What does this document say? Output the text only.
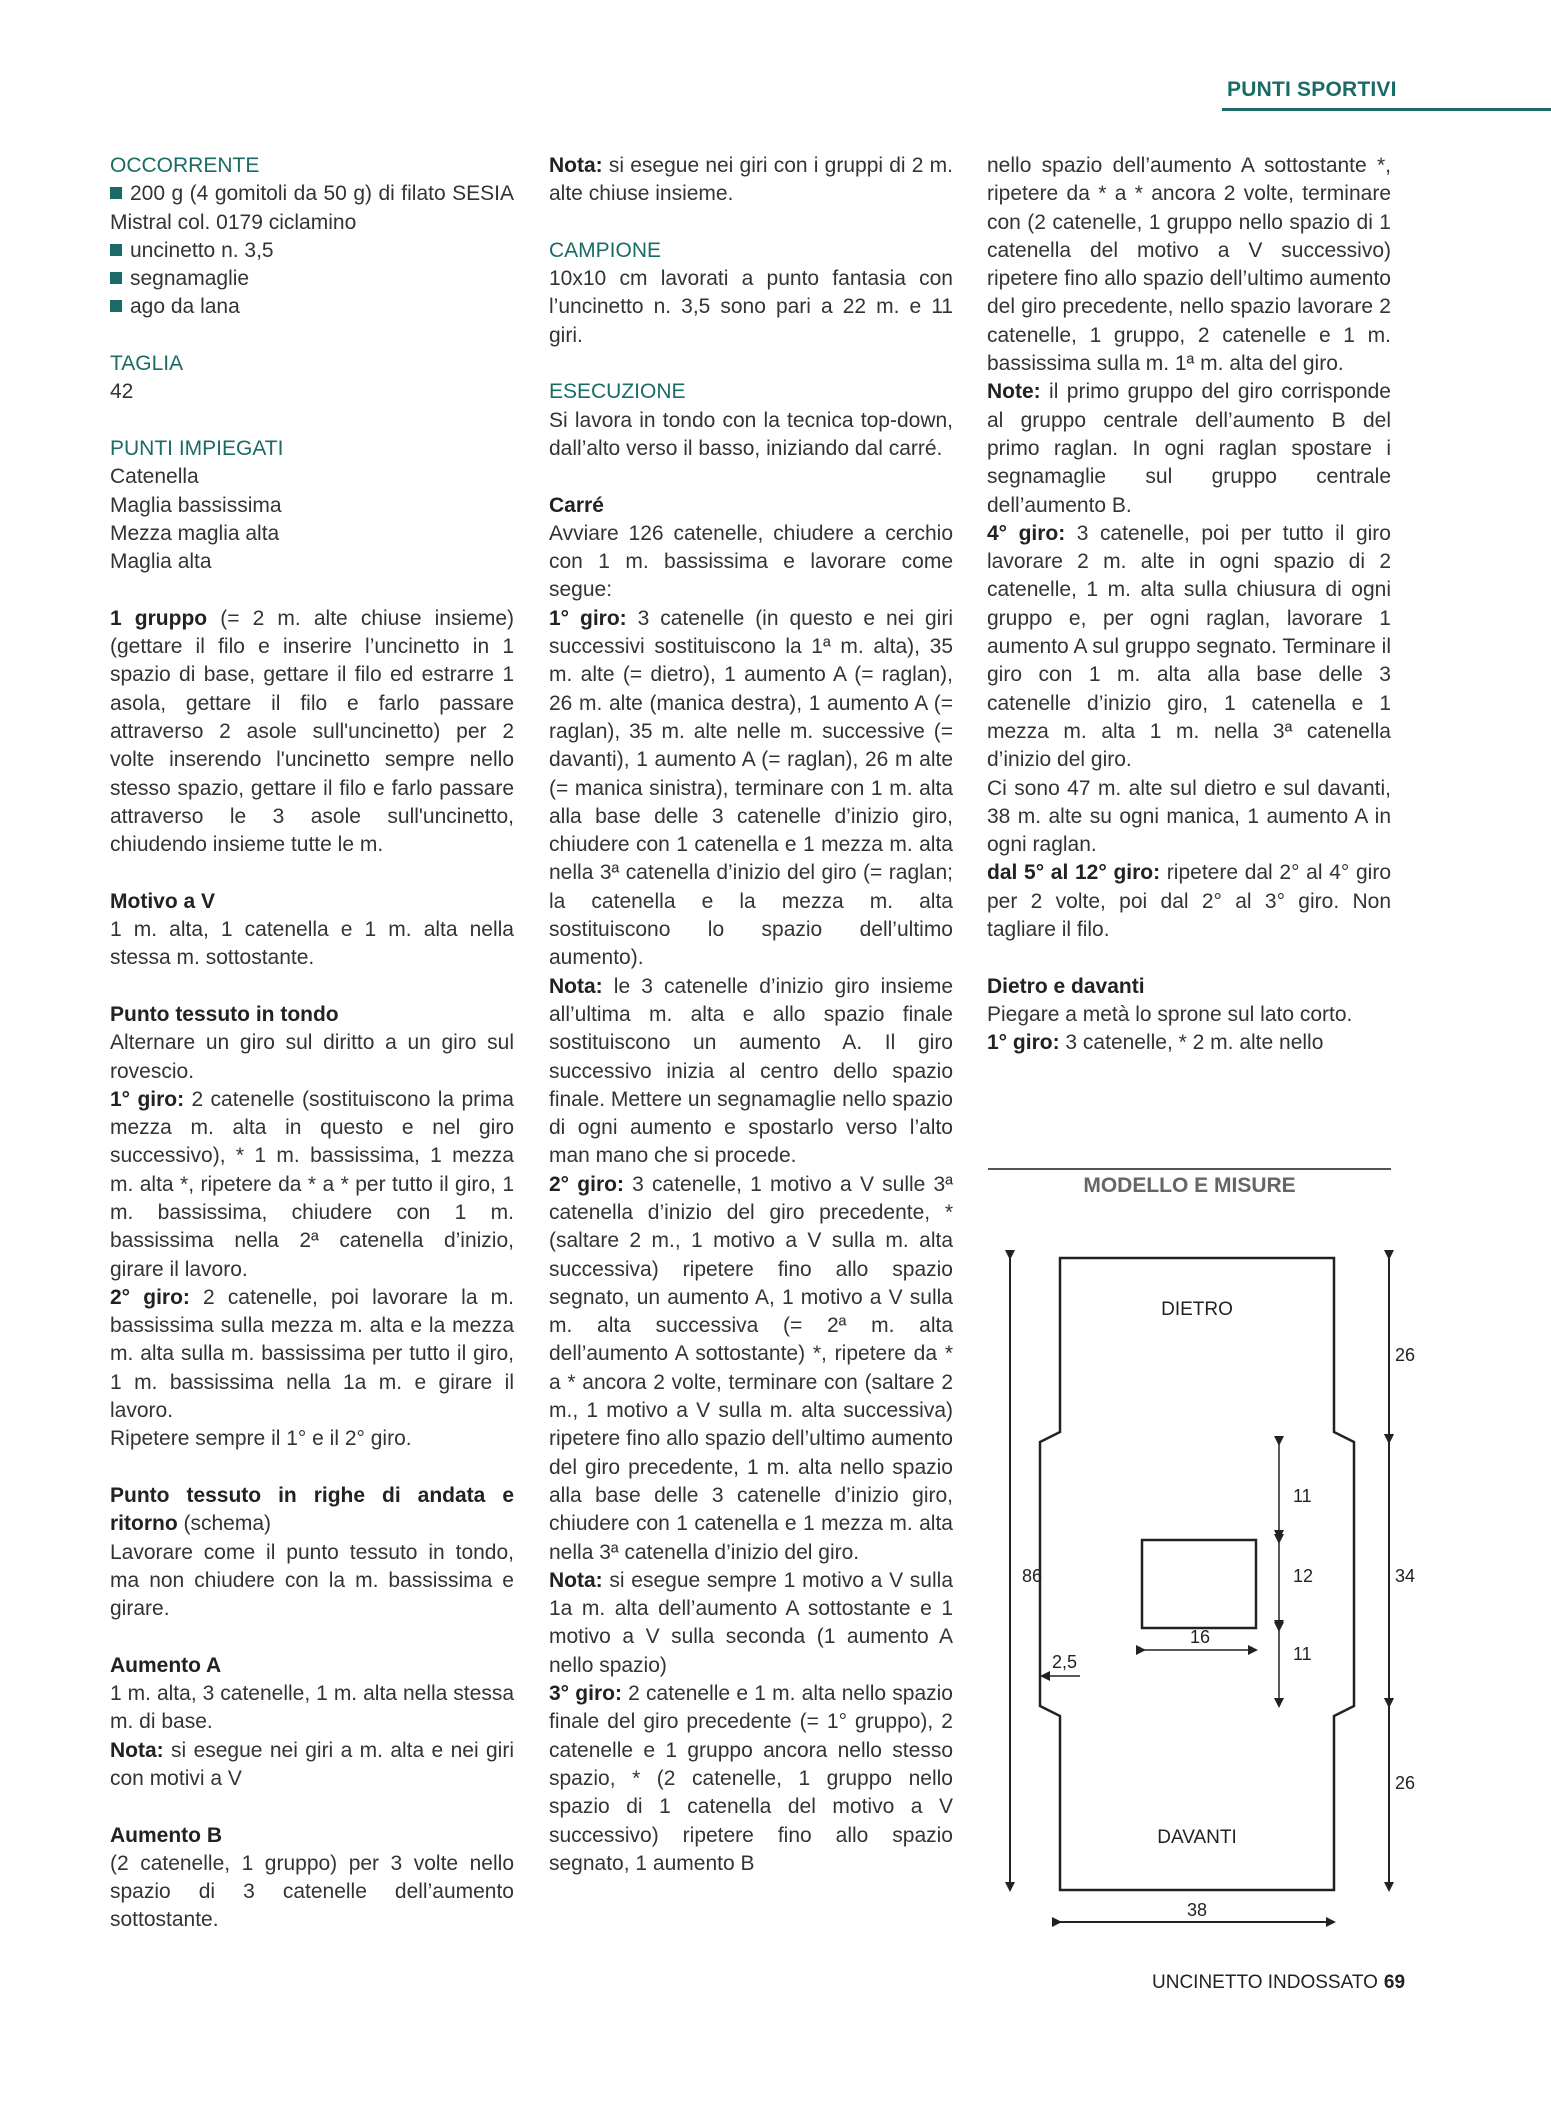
PUNTI SPORTIVI

OCCORRENTE

200 g (4 gomitoli da 50 g) di filato SESIA Mistral col. 0179 ciclamino

uncinetto n. 3,5

segnamaglie

ago da lana

TAGLIA

42

PUNTI IMPIEGATI

Catenella

Maglia bassissima

Mezza maglia alta

Maglia alta

1 gruppo (= 2 m. alte chiuse insieme) (gettare il filo e inserire l’uncinetto in 1 spazio di base, gettare il filo ed estrarre 1 asola, gettare il filo e farlo passare attraverso 2 asole sull'uncinetto) per 2 volte inserendo l'uncinetto sempre nello stesso spazio, gettare il filo e farlo passare attraverso le 3 asole sull'uncinetto, chiudendo insieme tutte le m.

Motivo a V

1 m. alta, 1 catenella e 1 m. alta nella stessa m. sottostante.

Punto tessuto in tondo

Alternare un giro sul diritto a un giro sul rovescio.

1° giro: 2 catenelle (sostituiscono la prima mezza m. alta in questo e nel giro successivo), * 1 m. bassissima, 1 mezza m. alta *, ripetere da * a * per tutto il giro, 1 m. bassissima, chiudere con 1 m. bassissima nella 2ª catenella d’inizio, girare il lavoro.

2° giro: 2 catenelle, poi lavorare la m. bassissima sulla mezza m. alta e la mezza m. alta sulla m. bassissima per tutto il giro, 1 m. bassissima nella 1a m. e girare il lavoro.

Ripetere sempre il 1° e il 2° giro.

Punto tessuto in righe di andata e ritorno (schema)

Lavorare come il punto tessuto in tondo, ma non chiudere con la m. bassissima e girare.

Aumento A

1 m. alta, 3 catenelle, 1 m. alta nella stessa m. di base.

Nota: si esegue nei giri a m. alta e nei giri con motivi a V

Aumento B

(2 catenelle, 1 gruppo) per 3 volte nello spazio di 3 catenelle dell’aumento sottostante.

Nota: si esegue nei giri con i gruppi di 2 m. alte chiuse insieme.

CAMPIONE

10x10 cm lavorati a punto fantasia con l’uncinetto n. 3,5 sono pari a 22 m. e 11 giri.

ESECUZIONE

Si lavora in tondo con la tecnica top-down, dall’alto verso il basso, iniziando dal carré.

Carré

Avviare 126 catenelle, chiudere a cerchio con 1 m. bassissima e lavorare come segue:

1° giro: 3 catenelle (in questo e nei giri successivi sostituiscono la 1ª m. alta), 35 m. alte (= dietro), 1 aumento A (= raglan), 26 m. alte (manica destra), 1 aumento A (= raglan), 35 m. alte nelle m. successive (= davanti), 1 aumento A (= raglan), 26 m alte (= manica sinistra), terminare con 1 m. alta alla base delle 3 catenelle d’inizio giro, chiudere con 1 catenella e 1 mezza m. alta nella 3ª catenella d’inizio del giro (= raglan; la catenella e la mezza m. alta sostituiscono lo spazio dell’ultimo aumento).

Nota: le 3 catenelle d’inizio giro insieme all’ultima m. alta e allo spazio finale sostituiscono un aumento A. Il giro successivo inizia al centro dello spazio finale. Mettere un segnamaglie nello spazio di ogni aumento e spostarlo verso l’alto man mano che si procede.

2° giro: 3 catenelle, 1 motivo a V sulle 3ª catenella d’inizio del giro precedente, * (saltare 2 m., 1 motivo a V sulla m. alta successiva) ripetere fino allo spazio segnato, un aumento A, 1 motivo a V sulla m. alta successiva (= 2ª m. alta dell’aumento A sottostante) *, ripetere da * a * ancora 2 volte, terminare con (saltare 2 m., 1 motivo a V sulla m. alta successiva) ripetere fino allo spazio dell’ultimo aumento del giro precedente, 1 m. alta nello spazio alla base delle 3 catenelle d’inizio giro, chiudere con 1 catenella e 1 mezza m. alta nella 3ª catenella d’inizio del giro.

Nota: si esegue sempre 1 motivo a V sulla 1a m. alta dell’aumento A sottostante e 1 motivo a V sulla seconda (1 aumento A nello spazio)

3° giro: 2 catenelle e 1 m. alta nello spazio finale del giro precedente (= 1° gruppo), 2 catenelle e 1 gruppo ancora nello stesso spazio, * (2 catenelle, 1 gruppo nello spazio di 1 catenella del motivo a V successivo) ripetere fino allo spazio segnato, 1 aumento B

nello spazio dell’aumento A sottostante *, ripetere da * a * ancora 2 volte, terminare con (2 catenelle, 1 gruppo nello spazio di 1 catenella del motivo a V successivo) ripetere fino allo spazio dell’ultimo aumento del giro precedente, nello spazio lavorare 2 catenelle, 1 gruppo, 2 catenelle e 1 m. bassissima sulla m. 1ª m. alta del giro.

Note: il primo gruppo del giro corrisponde al gruppo centrale dell’aumento B del primo raglan. In ogni raglan spostare i segnamaglie sul gruppo centrale dell’aumento B.

4° giro: 3 catenelle, poi per tutto il giro lavorare 2 m. alte in ogni spazio di 2 catenelle, 1 m. alta sulla chiusura di ogni gruppo e, per ogni raglan, lavorare 1 aumento A sul gruppo segnato. Terminare il giro con 1 m. alta alla base delle 3 catenelle d’inizio giro, 1 catenella e 1 mezza m. alta 1 m. nella 3ª catenella d’inizio del giro.

Ci sono 47 m. alte sul dietro e sul davanti, 38 m. alte su ogni manica, 1 aumento A in ogni raglan.

dal 5° al 12° giro: ripetere dal 2° al 4° giro per 2 volte, poi dal 2° al 3° giro. Non tagliare il filo.

Dietro e davanti

Piegare a metà lo sprone sul lato corto.

1° giro: 3 catenelle, * 2 m. alte nello

MODELLO E MISURE
DIETRO
DAVANTI
86
26
34
26
11
12
11
16
2,5
38
UNCINETTO INDOSSATO 69
